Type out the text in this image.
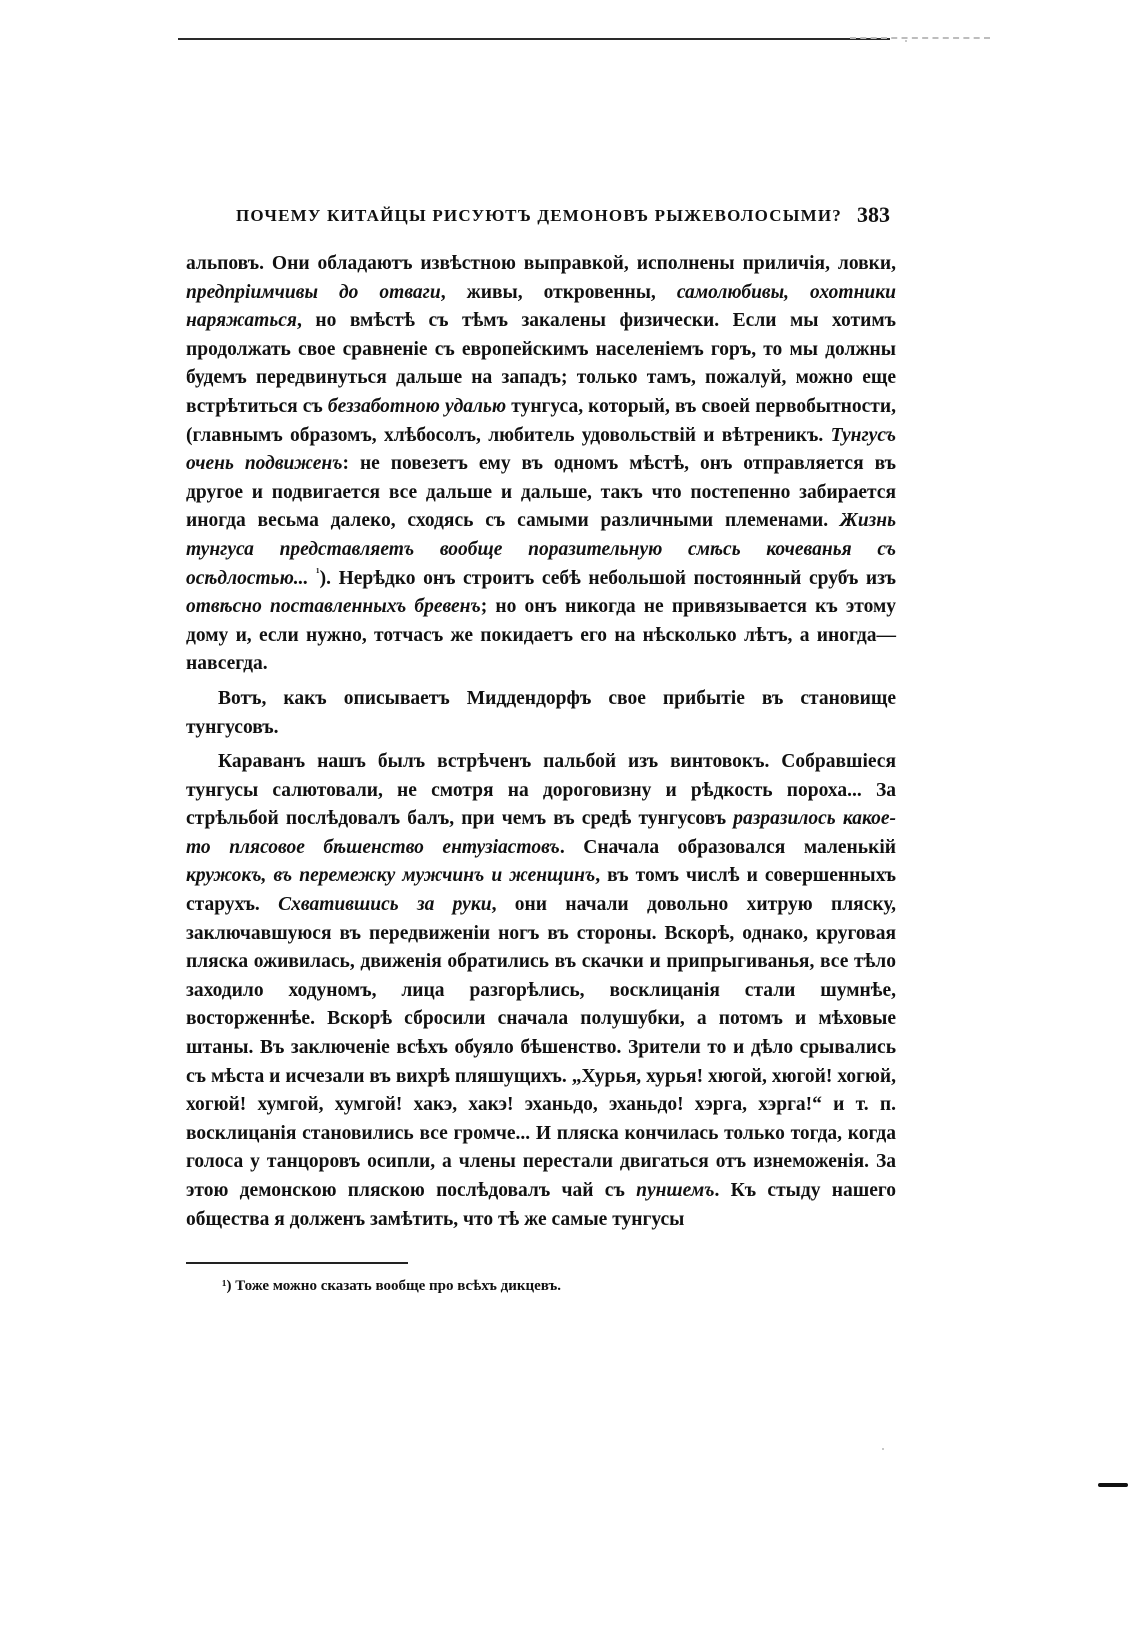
ПОЧЕМУ КИТАЙЦЫ РИСУЮТЪ ДЕМОНОВЪ РЫЖЕВОЛОСЫМИ? 383

альповъ. Они обладаютъ извѣстною выправкой, исполнены приличія, ловки, предпріимчивы до отваги, живы, откровенны, самолюбивы, охотники наряжаться, но вмѣстѣ съ тѣмъ закалены физически. Если мы хотимъ продолжать свое сравненіе съ европейскимъ населеніемъ горъ, то мы должны будемъ передвинуться дальше на западъ; только тамъ, пожалуй, можно еще встрѣтиться съ беззаботною удалью тунгуса, который, въ своей первобытности, (главнымъ образомъ, хлѣбосолъ, любитель удовольствій и вѣтреникъ. Тунгусъ очень подвиженъ: не повезетъ ему въ одномъ мѣстѣ, онъ отправляется въ другое и подвигается все дальше и дальше, такъ что постепенно забирается иногда весьма далеко, сходясь съ самыми различными племенами. Жизнь тунгуса представляетъ вообще поразительную смѣсь кочеванья съ осѣдлостью... $^{^1}$). Нерѣдко онъ строитъ себѣ небольшой постоянный срубъ изъ отвѣсно поставленныхъ бревенъ; но онъ никогда не привязывается къ этому дому и, если нужно, тотчасъ же покидаетъ его на нѣсколько лѣтъ, а иногда—навсегда.

Вотъ, какъ описываетъ Миддендорфъ свое прибытіе въ становище тунгусовъ.

Караванъ нашъ былъ встрѣченъ пальбой изъ винтовокъ. Собравшіеся тунгусы салютовали, не смотря на дороговизну и рѣдкость пороха... За стрѣльбой послѣдовалъ балъ, при чемъ въ средѣ тунгусовъ разразилось какое-то плясовое бѣшенство ентузіастовъ. Сначала образовался маленькій кружокъ, въ перемежку мужчинъ и женщинъ, въ томъ числѣ и совершенныхъ старухъ. Схватившись за руки, они начали довольно хитрую пляску, заключавшуюся въ передвиженіи ногъ въ стороны. Вскорѣ, однако, круговая пляска оживилась, движенія обратились въ скачки и припрыгиванья, все тѣло заходило ходуномъ, лица разгорѣлись, восклицанія стали шумнѣе, восторженнѣе. Вскорѣ сбросили сначала полушубки, а потомъ и мѣховые штаны. Въ заключеніе всѣхъ обуяло бѣшенство. Зрители то и дѣло срывались съ мѣста и исчезали въ вихрѣ пляшущихъ. „Хурья, хурья! хюгой, хюгой! хогюй, хогюй! хумгой, хумгой! хакэ, хакэ! эханьдо, эханьдо! хэрга, хэрга!“ и т. п. восклицанія становились все громче... И пляска кончилась только тогда, когда голоса у танцоровъ осипли, а члены перестали двигаться отъ изнеможенія. За этою демонскою пляскою послѣдовалъ чай съ пуншемъ. Къ стыду нашего общества я долженъ замѣтить, что тѣ же самые тунгусы

¹) Тоже можно сказать вообще про всѣхъ дикцевъ.
